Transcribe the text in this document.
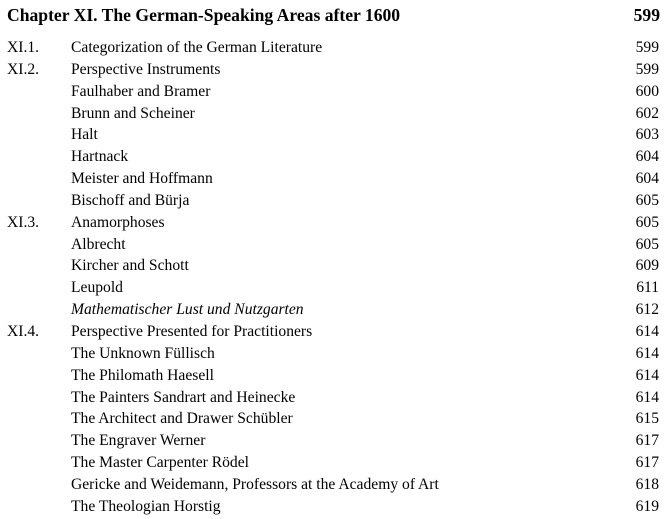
Chapter XI. The German-Speaking Areas after 1600	599
XI.1. Categorization of the German Literature	599
XI.2. Perspective Instruments	599
Faulhaber and Bramer	600
Brunn and Scheiner	602
Halt	603
Hartnack	604
Meister and Hoffmann	604
Bischoff and Bürja	605
XI.3. Anamorphoses	605
Albrecht	605
Kircher and Schott	609
Leupold	611
Mathematischer Lust und Nutzgarten	612
XI.4. Perspective Presented for Practitioners	614
The Unknown Füllisch	614
The Philomath Haesell	614
The Painters Sandrart and Heinecke	614
The Architect and Drawer Schübler	615
The Engraver Werner	617
The Master Carpenter Rödel	617
Gericke and Weidemann, Professors at the Academy of Art	618
The Theologian Horstig	619
